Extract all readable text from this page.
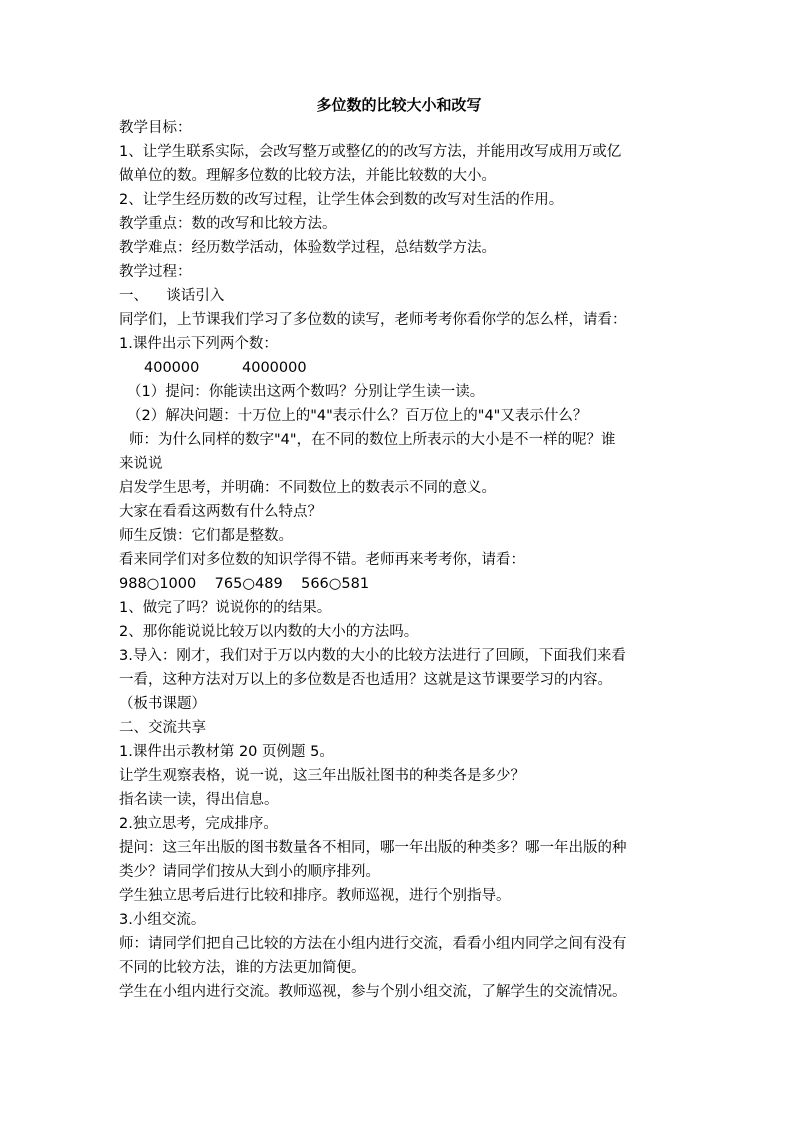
多位数的比较大小和改写

教学目标：

1、让学生联系实际，会改写整万或整亿的的改写方法，并能用改写成用万或亿

做单位的数。理解多位数的比较方法，并能比较数的大小。

2、让学生经历数的改写过程，让学生体会到数的改写对生活的作用。

教学重点：数的改写和比较方法。

教学难点：经历数学活动，体验数学过程，总结数学方法。

教学过程：

一、    谈话引入

同学们，上节课我们学习了多位数的读写，老师考考你看你学的怎么样，请看：

1.课件出示下列两个数：

400000	4000000

（1）提问：你能读出这两个数吗？分别让学生读一读。

（2）解决问题：十万位上的"4"表示什么？百万位上的"4"又表示什么？

师：为什么同样的数字"4"，在不同的数位上所表示的大小是不一样的呢？谁

来说说

启发学生思考，并明确：不同数位上的数表示不同的意义。

大家在看看这两数有什么特点？

师生反馈：它们都是整数。

看来同学们对多位数的知识学得不错。老师再来考考你，请看：

988○1000    765○489    566○581

1、做完了吗？说说你的的结果。

2、那你能说说比较万以内数的大小的方法吗。

3.导入：刚才，我们对于万以内数的大小的比较方法进行了回顾，下面我们来看

一看，这种方法对万以上的多位数是否也适用？这就是这节课要学习的内容。

（板书课题）

二、交流共享

1.课件出示教材第 20 页例题 5。

让学生观察表格，说一说，这三年出版社图书的种类各是多少？

指名读一读，得出信息。

2.独立思考，完成排序。

提问：这三年出版的图书数量各不相同，哪一年出版的种类多？哪一年出版的种

类少？请同学们按从大到小的顺序排列。

学生独立思考后进行比较和排序。教师巡视，进行个别指导。

3.小组交流。

师：请同学们把自己比较的方法在小组内进行交流，看看小组内同学之间有没有

不同的比较方法，谁的方法更加简便。

学生在小组内进行交流。教师巡视，参与个别小组交流，了解学生的交流情况。
